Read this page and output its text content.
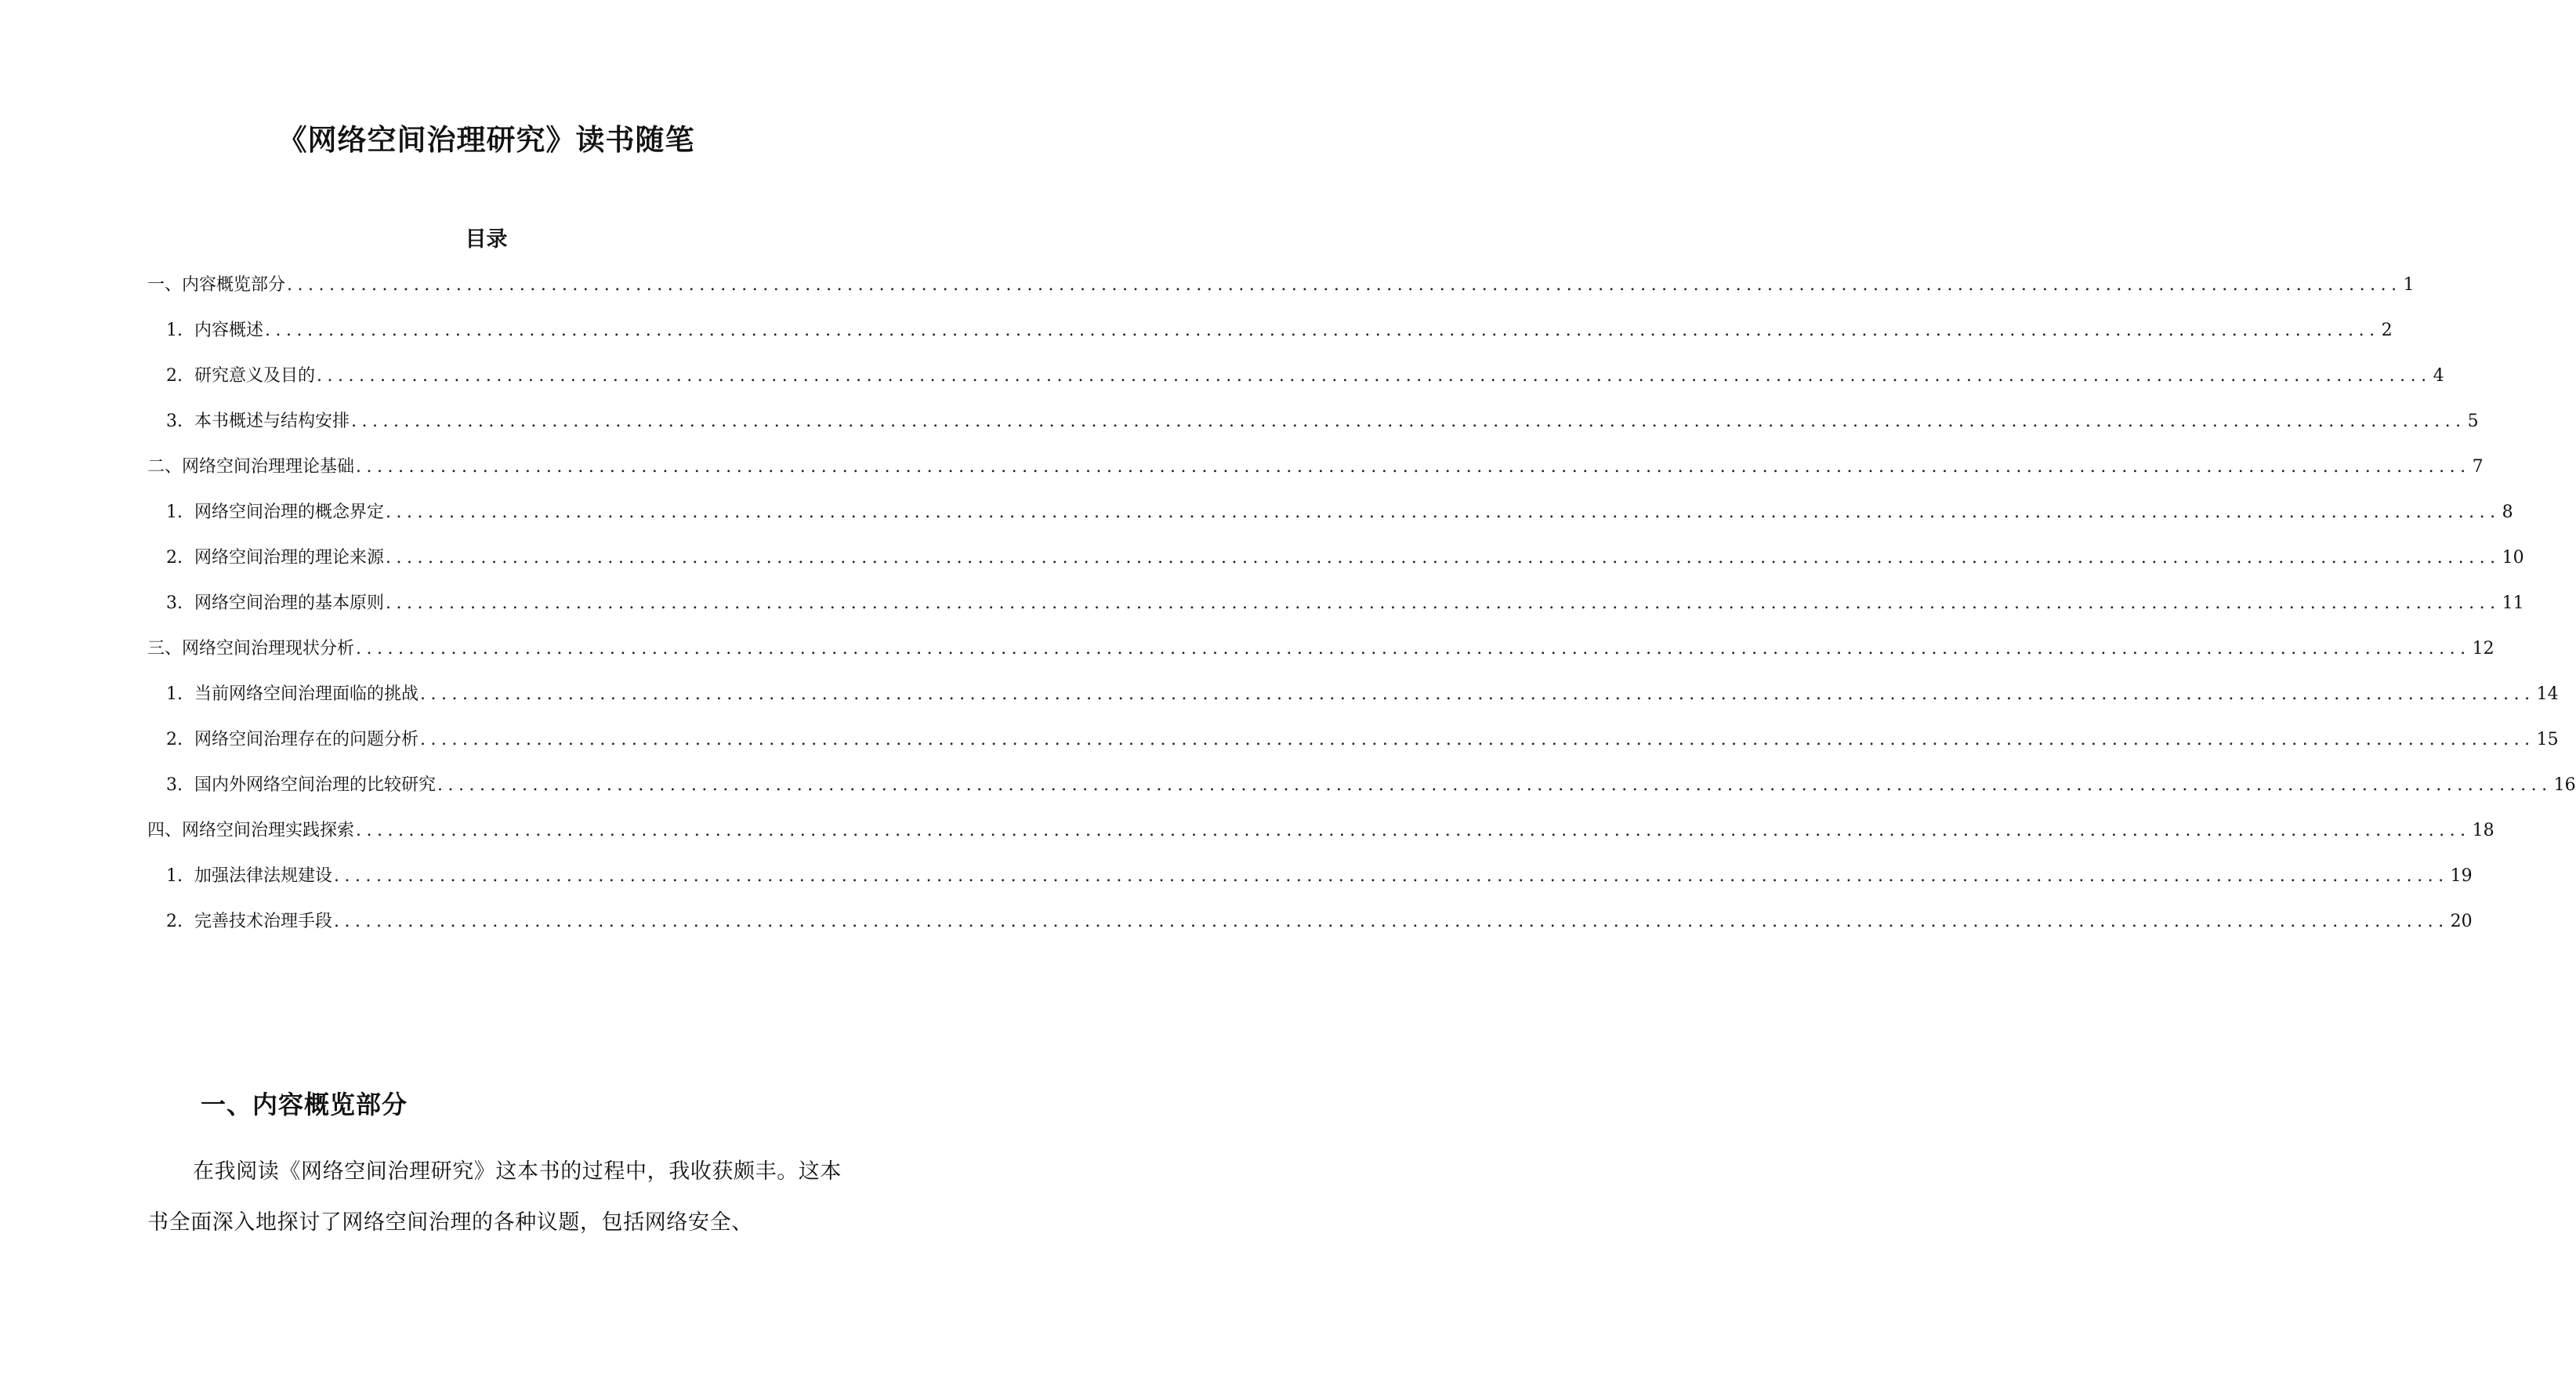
《网络空间治理研究》读书随笔
目录
一、内容概览部分 ........................................................................................................................................................................................................ 1
1. 内容概述 ........................................................................................................................................................................................................ 2
2. 研究意义及目的 ........................................................................................................................................................................................................ 4
3. 本书概述与结构安排 ........................................................................................................................................................................................................ 5
二、网络空间治理理论基础 ........................................................................................................................................................................................................ 7
1. 网络空间治理的概念界定 ........................................................................................................................................................................................................ 8
2. 网络空间治理的理论来源 ........................................................................................................................................................................................................ 10
3. 网络空间治理的基本原则 ........................................................................................................................................................................................................ 11
三、网络空间治理现状分析 ........................................................................................................................................................................................................ 12
1. 当前网络空间治理面临的挑战 ........................................................................................................................................................................................................ 14
2. 网络空间治理存在的问题分析 ........................................................................................................................................................................................................ 15
3. 国内外网络空间治理的比较研究 ........................................................................................................................................................................................................ 16
四、网络空间治理实践探索 ........................................................................................................................................................................................................ 18
1. 加强法律法规建设 ........................................................................................................................................................................................................ 19
2. 完善技术治理手段 ........................................................................................................................................................................................................ 20
一、内容概览部分
在我阅读《网络空间治理研究》这本书的过程中，我收获颇丰。这本书全面深入地探讨了网络空间治理的各种议题，包括网络安全、
